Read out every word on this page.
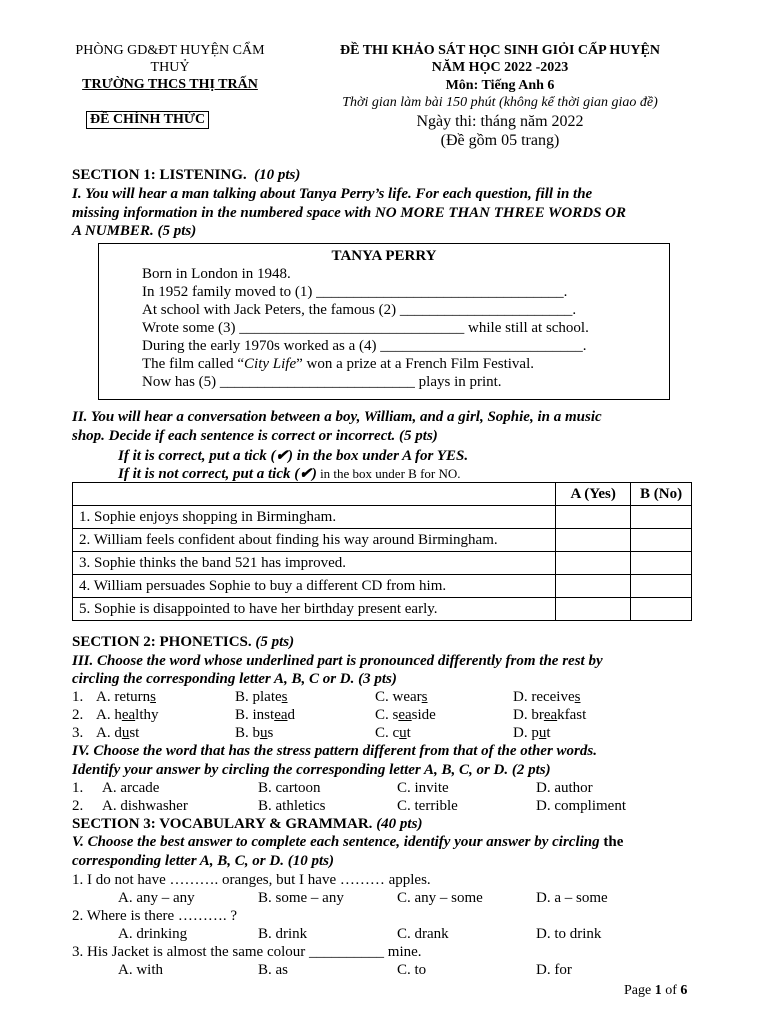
PHÒNG GD&ĐT HUYỆN CẨM
THUỶ
TRƯỜNG THCS THỊ TRẤN
ĐỀ CHÍNH THỨC
ĐỀ THI KHẢO SÁT HỌC SINH GIỎI CẤP HUYỆN
NĂM HỌC 2022 -2023
Môn: Tiếng Anh 6
Thời gian làm bài 150 phút (không kể thời gian giao đề)
Ngày thi: tháng năm 2022
(Đề gồm 05 trang)
SECTION 1: LISTENING. (10 pts)
I. You will hear a man talking about Tanya Perry’s life. For each question, fill in the
missing information in the numbered space with NO MORE THAN THREE WORDS OR
A NUMBER. (5 pts)
TANYA PERRY
Born in London in 1948.
In 1952 family moved to (1) _________________________________.
At school with Jack Peters, the famous (2) _______________________.
Wrote some (3) ______________________________ while still at school.
During the early 1970s worked as a (4) ___________________________.
The film called “City Life” won a prize at a French Film Festival.
Now has (5) __________________________ plays in print.
II. You will hear a conversation between a boy, William, and a girl, Sophie, in a music
shop. Decide if each sentence is correct or incorrect. (5 pts)
If it is correct, put a tick (✔) in the box under A for YES.
If it is not correct, put a tick (✔) in the box under B for NO.
	A (Yes)	B (No)
1. Sophie enjoys shopping in Birmingham.		
2. William feels confident about finding his way around Birmingham.		
3. Sophie thinks the band 521 has improved.		
4. William persuades Sophie to buy a different CD from him.		
5. Sophie is disappointed to have her birthday present early.		
SECTION 2: PHONETICS. (5 pts)
III. Choose the word whose underlined part is pronounced differently from the rest by
circling the corresponding letter A, B, C or D. (3 pts)
1. A. returns	B. plates	C. wears	D. receives
2. A. healthy	B. instead	C. seaside	D. breakfast
3. A. dust	B. bus	C. cut	D. put
IV. Choose the word that has the stress pattern different from that of the other words.
Identify your answer by circling the corresponding letter A, B, C, or D. (2 pts)
1. A. arcade	B. cartoon	C. invite	D. author
2. A. dishwasher	B. athletics	C. terrible	D. compliment
SECTION 3: VOCABULARY & GRAMMAR. (40 pts)
V. Choose the best answer to complete each sentence, identify your answer by circling the
corresponding letter A, B, C, or D. (10 pts)
1. I do not have ………. oranges, but I have ……… apples.
A. any – any	B. some – any	C. any – some	D. a – some
2. Where is there ………. ?
A. drinking	B. drink	C. drank	D. to drink
3. His Jacket is almost the same colour __________ mine.
A. with	B. as	C. to	D. for
Page 1 of 6
